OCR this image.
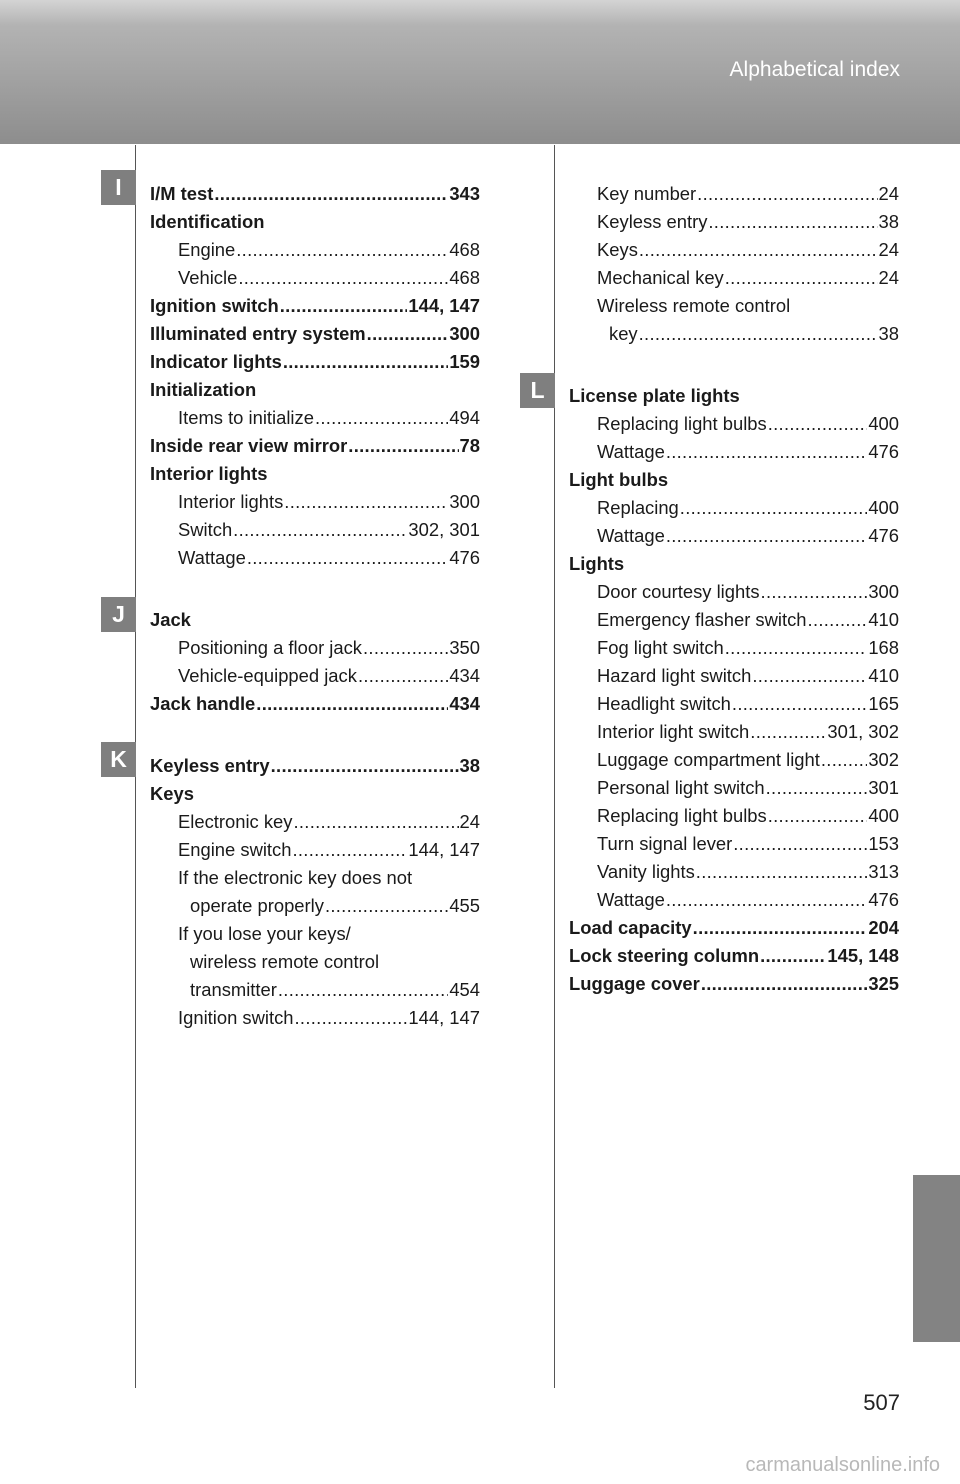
Alphabetical index
I
J
K
L
I/M test .....	343
Identification
Engine .....	468
Vehicle .....	468
Ignition switch .....	144, 147
Illuminated entry system .....	300
Indicator lights .....	159
Initialization
Items to initialize .....	494
Inside rear view mirror .....	78
Interior lights
Interior lights .....	300
Switch .....	302, 301
Wattage .....	476
Jack
Positioning a floor jack .....	350
Vehicle-equipped jack .....	434
Jack handle .....	434
Keyless entry .....	38
Keys
Electronic key .....	24
Engine switch .....	144, 147
If the electronic key does not
operate properly .....	455
If you lose your keys/
wireless remote control
transmitter .....	454
Ignition switch .....	144, 147
Key number .....	24
Keyless entry .....	38
Keys .....	24
Mechanical key .....	24
Wireless remote control
key .....	38
License plate lights
Replacing light bulbs .....	400
Wattage .....	476
Light bulbs
Replacing .....	400
Wattage .....	476
Lights
Door courtesy lights .....	300
Emergency flasher switch .....	410
Fog light switch .....	168
Hazard light switch .....	410
Headlight switch .....	165
Interior light switch .....	301, 302
Luggage compartment light .....	302
Personal light switch .....	301
Replacing light bulbs .....	400
Turn signal lever .....	153
Vanity lights .....	313
Wattage .....	476
Load capacity .....	204
Lock steering column .....	145, 148
Luggage cover .....	325
507
carmanualsonline.info
